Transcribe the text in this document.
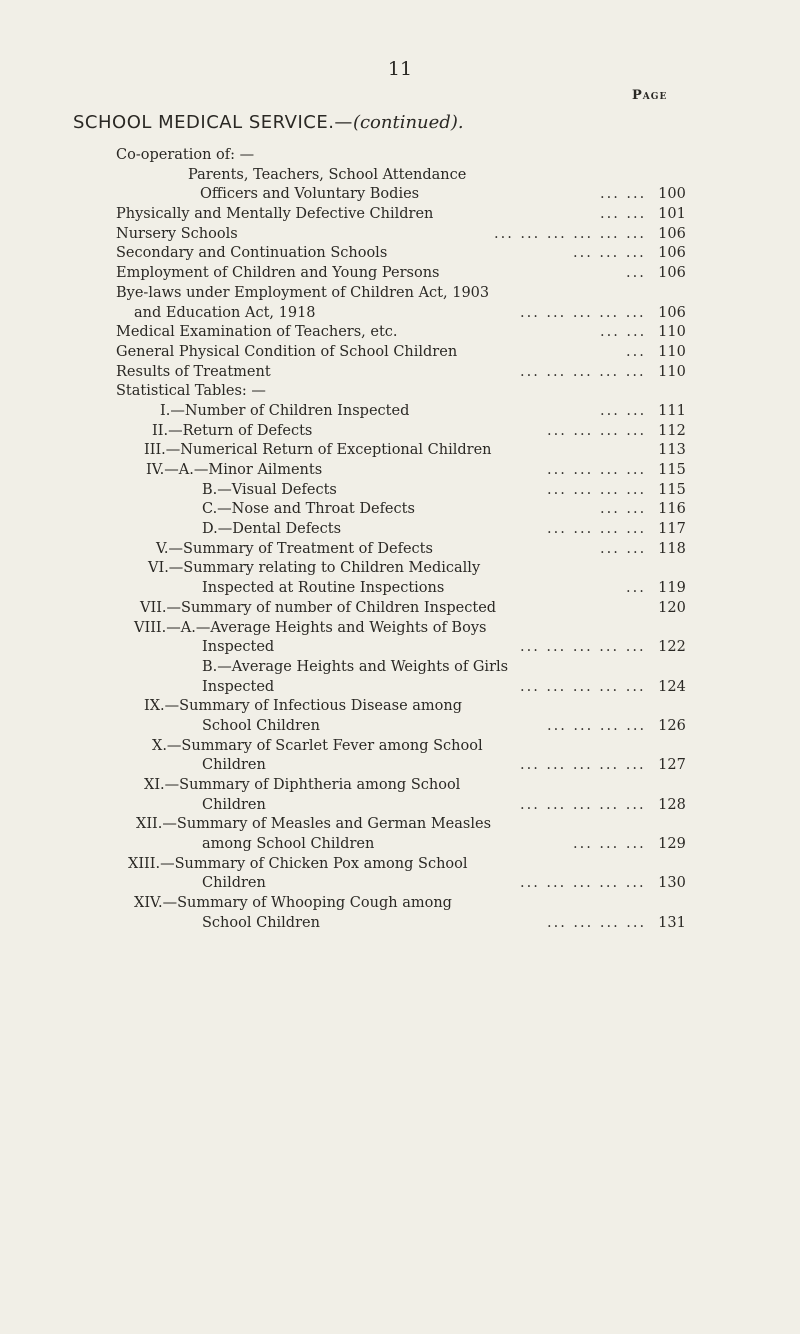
11
Page
SCHOOL MEDICAL SERVICE.—(continued).
Co-operation of: —
Parents, Teachers, School Attendance
Officers and Voluntary Bodies	... ... 100
Physically and Mentally Defective Children	... ... 101
Nursery Schools	... ... ... ... ... ... 106
Secondary and Continuation Schools	... ... ... 106
Employment of Children and Young Persons	... 106
Bye-laws under Employment of Children Act, 1903
and Education Act, 1918	... ... ... ... ... 106
Medical Examination of Teachers, etc.	... ... 110
General Physical Condition of School Children	... 110
Results of Treatment	... ... ... ... ... 110
Statistical Tables: —
I.—Number of Children Inspected	... ... 111
II.—Return of Defects	... ... ... ... 112
III.—Numerical Return of Exceptional Children	113
IV.—A.—Minor Ailments	... ... ... ... 115
B.—Visual Defects	... ... ... ... 115
C.—Nose and Throat Defects	... ... 116
D.—Dental Defects	... ... ... ... 117
V.—Summary of Treatment of Defects	... ... 118
VI.—Summary relating to Children Medically
Inspected at Routine Inspections	... 119
VII.—Summary of number of Children Inspected	120
VIII.—A.—Average Heights and Weights of Boys
Inspected	... ... ... ... ... 122
B.—Average Heights and Weights of Girls
Inspected	... ... ... ... ... 124
IX.—Summary of Infectious Disease among
School Children	... ... ... ... 126
X.—Summary of Scarlet Fever among School
Children	... ... ... ... ... 127
XI.—Summary of Diphtheria among School
Children	... ... ... ... ... 128
XII.—Summary of Measles and German Measles
among School Children	... ... ... 129
XIII.—Summary of Chicken Pox among School
Children	... ... ... ... ... 130
XIV.—Summary of Whooping Cough among
School Children	... ... ... ... 131
